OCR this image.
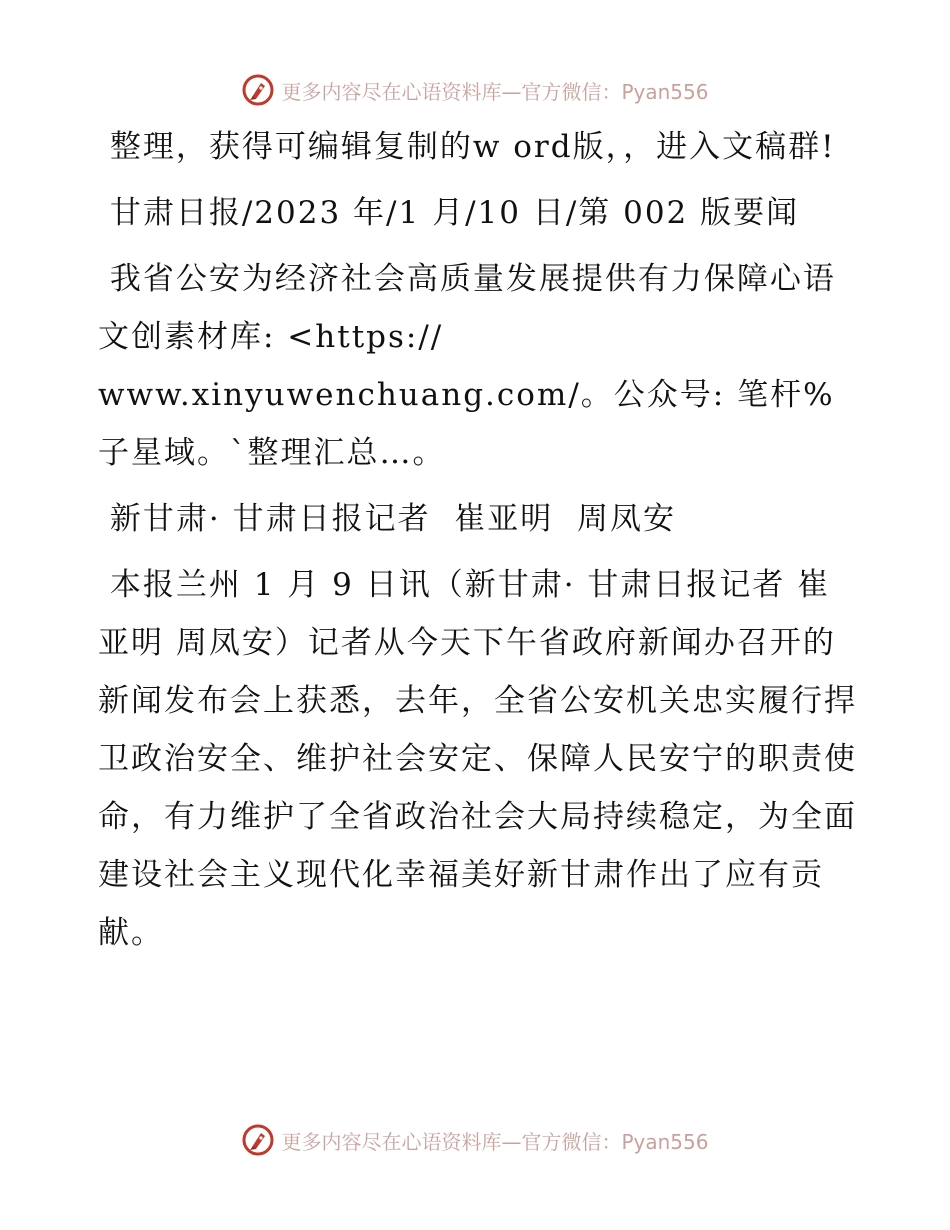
更多内容尽在心语资料库—官方微信：Pyan556

整理，获得可编辑复制的w ord版，，进入文稿群!

甘肃日报/2023 年/1 月/10 日/第 002 版要闻

我省公安为经济社会高质量发展提供有力保障心语文创素材库: <https://
www.xinyuwenchuang.com/。公众号: 笔杆%子星域。`整理汇总…。

新甘肃· 甘肃日报记者  崔亚明  周凤安

本报兰州 1 月 9 日讯（新甘肃· 甘肃日报记者 崔亚明 周凤安）记者从今天下午省政府新闻办召开的新闻发布会上获悉，去年，全省公安机关忠实履行捍卫政治安全、维护社会安定、保障人民安宁的职责使命，有力维护了全省政治社会大局持续稳定，为全面建设社会主义现代化幸福美好新甘肃作出了应有贡献。

更多内容尽在心语资料库—官方微信：Pyan556
